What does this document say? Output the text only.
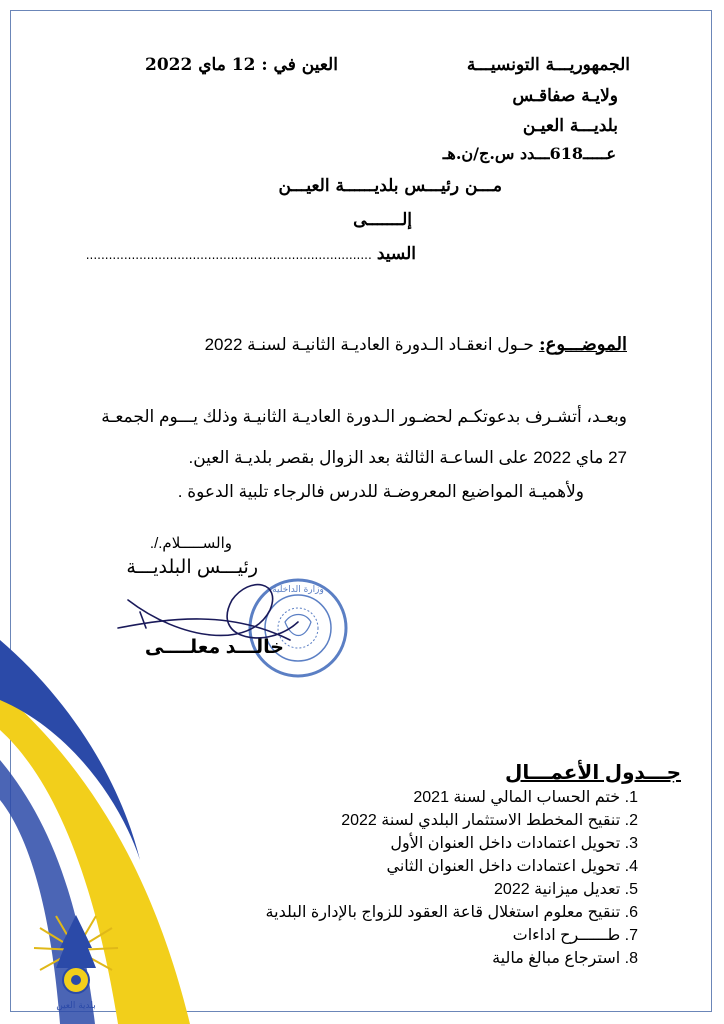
وزارة الداخلية
بلدية العين
الجمهوريـــة التونسيـــة
ولايـة صفاقـس
بلديـــة العيـن
عـــــ618ـــدد س.ج/ن.هـ
العين في : 12 ماي 2022
مـــن رئيـــس بلديــــــة العيـــن
إلـــــــى
السيد ...........................................................................
الموضـــوع: حـول انعقـاد الـدورة العاديـة الثانيـة لسنـة 2022
وبعـد، أتشـرف بدعوتكـم لحضـور الـدورة العاديـة الثانيـة وذلك يـــوم الجمعـة
27 ماي 2022 على الساعـة الثالثة بعد الزوال بقصر بلديـة العين.
ولأهميـة المواضيع المعروضـة للدرس فالرجاء تلبية الدعوة .
والســـــلام./.
رئيـــس البلديـــة
خالـــد معلــــى
جـــدول الأعمـــال
1. ختم الحساب المالي لسنة 2021
2. تنقيح المخطط الاستثمار البلدي لسنة 2022
3. تحويل اعتمادات داخل العنوان الأول
4. تحويل اعتمادات داخل العنوان الثاني
5. تعديل ميزانية 2022
6. تنقيح معلوم استغلال قاعة العقود للزواج بالإدارة البلدية
7. طــــــرح اداءات
8. استرجاع مبالغ مالية
